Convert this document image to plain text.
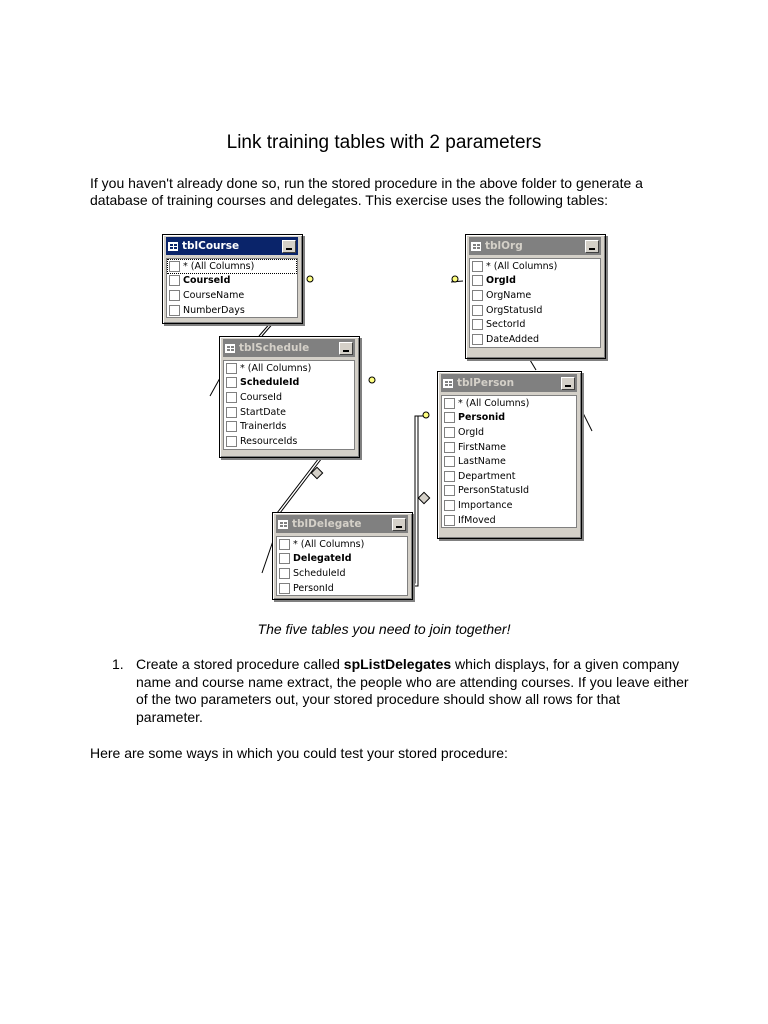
Link training tables with 2 parameters

If you haven't already done so, run the stored procedure in the above folder to generate a database of training courses and delegates. This exercise uses the following tables:

tblCourse
* (All Columns)
CourseId
CourseName
NumberDays
tblOrg
* (All Columns)
OrgId
OrgName
OrgStatusId
SectorId
DateAdded
tblSchedule
* (All Columns)
ScheduleId
CourseId
StartDate
TrainerIds
ResourceIds
tblPerson
* (All Columns)
Personid
OrgId
FirstName
LastName
Department
PersonStatusId
Importance
IfMoved
tblDelegate
* (All Columns)
DelegateId
ScheduleId
PersonId
The five tables you need to join together!
1. Create a stored procedure called spListDelegates which displays, for a given company name and course name extract, the people who are attending courses. If you leave either of the two parameters out, your stored procedure should show all rows for that parameter.

Here are some ways in which you could test your stored procedure:
